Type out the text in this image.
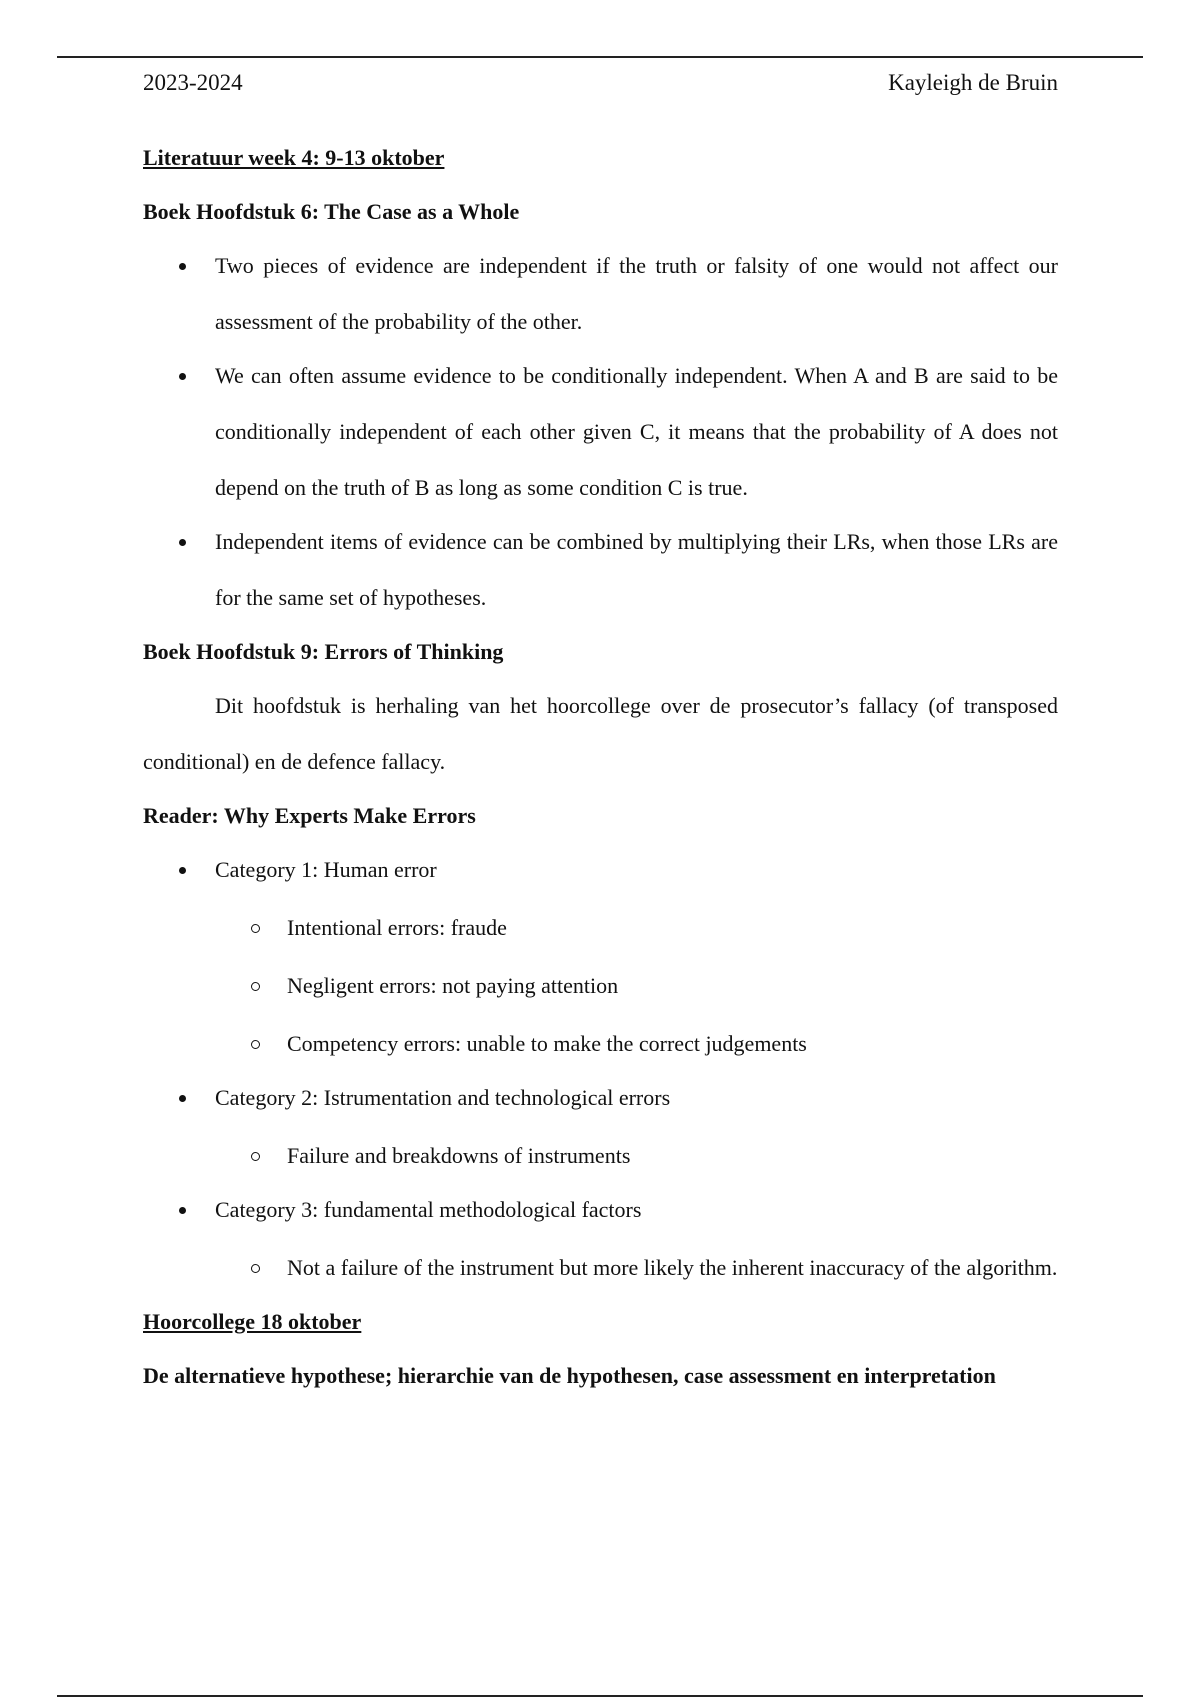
2023-2024	Kayleigh de Bruin
Literatuur week 4: 9-13 oktober
Boek Hoofdstuk 6: The Case as a Whole
Two pieces of evidence are independent if the truth or falsity of one would not affect our assessment of the probability of the other.
We can often assume evidence to be conditionally independent. When A and B are said to be conditionally independent of each other given C, it means that the probability of A does not depend on the truth of B as long as some condition C is true.
Independent items of evidence can be combined by multiplying their LRs, when those LRs are for the same set of hypotheses.
Boek Hoofdstuk 9: Errors of Thinking

Dit hoofdstuk is herhaling van het hoorcollege over de prosecutor’s fallacy (of transposed conditional) en de defence fallacy.

Reader: Why Experts Make Errors
Category 1: Human error
Intentional errors: fraude
Negligent errors: not paying attention
Competency errors: unable to make the correct judgements
Category 2: Istrumentation and technological errors
Failure and breakdowns of instruments
Category 3: fundamental methodological factors
Not a failure of the instrument but more likely the inherent inaccuracy of the algorithm.
Hoorcollege 18 oktober
De alternatieve hypothese; hierarchie van de hypothesen, case assessment en interpretation
